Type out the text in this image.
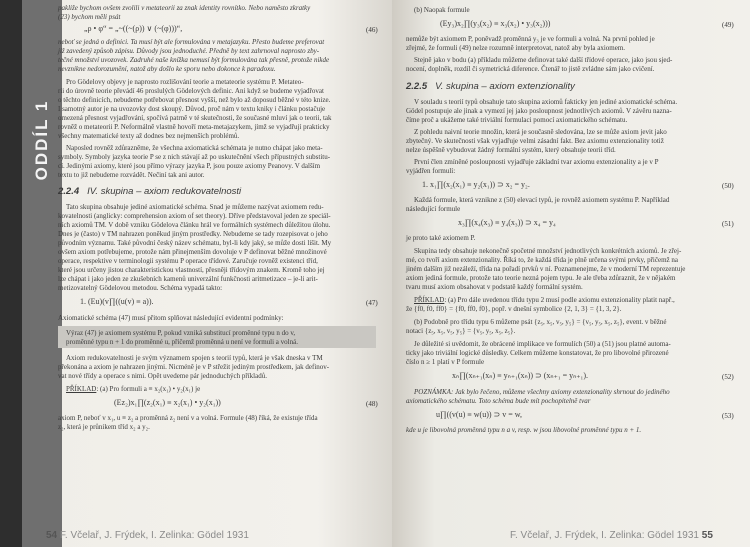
ODDÍL 1
pakliže bychom ovšem zvolili v metateorii za znak identity rovnítko. Nebo naměsto zkratky
(23) bychom měli psát
„ρ • φ“ = „~((~(ρ)) ∨ (~(φ)))“,	(46)
neboť se jedná o definici. Ta musí být ale formulována v metajazyku. Přesto budeme preferovat
již zavedený způsob zápisu. Důvody jsou jednoduché. Předně by text zahrnoval naprosto zby-
tečné množství uvozovek. Zadruhé naše knížka nemusí být formulována tak přesně, protože nikde
nevznikne nedorozumění, natož aby došlo ke sporu nebo dokonce k paradoxu.
Pro Gödelovy objevy je naprosto rozlišování teorie a metateorie systému P. Metateo-
rii do úrovně teorie převádí 46 proslulých Gödelových definic. Ani když se budeme vyjadřovat
o těchto definicích, nebudeme potřebovat přesnost vyšší, než bylo až doposud běžné v této knize.
I samotný autor je na uvozovky dost skoupý. Důvod, proč nám v textu kniky i článku postačuje
omezená přesnost vyjadřování, spočívá patrně v té skutečnosti, že současné mluví jak o teorii, tak
rovněž o metateorii P. Neformálně vlastně hovoří meta-metajazykem, jímž se vyjadřují prakticky
všechny matematické texty až dodnes bez nejmenších problémů.
Naposled rovněž zdůrazněme, že všechna axiomatická schémata je nutno chápat jako meta-
symboly. Symboly jazyka teorie P se z nich stávají až po uskutečnění všech přípustných substitu-
cí. Jedinými axiomy, které jsou přímo výrazy jazyka P, jsou pouze axiomy Peanovy. V dalším
textu to již nebudeme rozvádět. Nečiní tak ani autor.
2.2.4 IV. skupina – axiom redukovatelnosti
Tato skupina obsahuje jediné axiomatické schéma. Snad je můžeme nazývat axiomem redu-
kovatelnosti (anglicky: comprehension axiom of set theory). Dříve představoval jeden ze speciál-
ních axiomů TM. V době vzniku Gödelova článku hrál ve formálních systémech důležitou úlohu.
Dnes je (často) v TM nahrazen poněkud jiným prostředky. Nebudeme se tady rozepisovat o jeho
původním významu. Také původní český název schématu, byl-li kdy jaký, se může dosti lišit. My
ovšem axiom potřebujeme, protože nám přinejmenším dovoluje v P definovat běžné množinové
operace, respektive v terminologii systému P operace třídové. Zaručuje rovněž existenci tříd,
které jsou určeny jistou charakteristickou vlastností, přesněji třídovým znakem. Kromě toho jej
lze chápat i jako jeden ze zkušebních kamenů univerzální funkčnosti aritmetizace – je-li arit-
metizovatelný Gödelovou metodou. Schéma vypadá takto:
1. (Eu)(v∏((u(v) ≡ a)).	(47)
Axiomatické schéma (47) musí přitom splňovat následující evidentní podmínky:
Výraz (47) je axiomem systému P, pokud vzniká substitucí proměnné typu n do v,
proměnné typu n + 1 do proměnné u, přičemž proměnná u není ve formuli a volná.
Axiom redukovatelnosti je svým významem spojen s teorií typů, která je však dneska v TM
překonána a axiom je nahrazen jinými. Nicméně je v P střežit jediným prostředkem, jak definov-
vat nové třídy a operace s nimi. Opět uvedeme pár jednoduchých příkladů.
PŘÍKLAD: (a) Pro formuli a ≡ x₂(x₁) • y₂(x₁) je
(Ez₂)x₁∏(z₂(x₁) ≡ x₂(x₁) • y₂(x₁))	(48)
axiom P, neboť v x₁, u ≡ z₂ a proměnná z₂ není v a volná. Formule (48) říká, že existuje třída
z₂, která je průnikem tříd x₂ a y₂.
54 F. Včelař, J. Frýdek, I. Zelinka: Gödel 1931
(b) Naopak formule
(Ey₃)x₂∏(y₃(x₂) ≡ x₃(x₂) • y₃(x₂)))	(49)
nemůže být axiomem P, poněvadž proměnná y₃ je ve formuli a volná. Na první pohled je
zřejmé, že formuli (49) nelze rozumně interpretovat, natož aby byla axiomem.
Stejně jako v bodu (a) příkladu můžeme definovat také další třídové operace, jako jsou sjed-
nocení, doplněk, rozdíl či symetrická diference. Čtenář to jistě zvládne sám jako cvičení.
2.2.5 V. skupina – axiom extenzionality
V souladu s teorií typů obsahuje tato skupina axiomů fakticky jen jediné axiomatické schéma.
Gödel postupuje ale jinak a vymezí jej jako posloupnost jednotlivých axiomů. V závěru nazna-
číme proč a ukážeme také triviální formulaci pomocí axiomatického schématu.
Z pohledu naivní teorie množin, která je současně sledována, lze se může axiom jevit jako
zbytečný. Ve skutečnosti však vyjadřuje velmi zásadní fakt. Bez axiomu extenzionality totiž
nelze úspěšně vybudovat žádný formální systém, který obsahuje teorii tříd.
První člen zmíněné posloupnosti vyjadřuje základní tvar axiomu extenzionality a je v P
vyjádřen formulí:
1. x₁∏(x₂(x₁) ≡ y₂(x₁)) ⊃ x₂ = y₂.	(50)
Každá formule, která vznikne z (50) elevací typů, je rovněž axiomem systému P. Například
následující formule
x₃∏(x₄(x₃) ≡ y₄(x₃)) ⊃ x₄ = y₄	(51)
je proto také axiomem P.
Skupina tedy obsahuje nekonečně spočetné množství jednotlivých konkrétních axiomů. Je zřej-
mé, co tvoří axiom extenzionality. Říká to, že každá třída je plně určena svými prvky, přičemž na
jiném dalším již nezáleží, třída na pořadí prvků v ní. Poznamenejme, že v moderní TM reprezentuje
axiom jediná formule, protože tato teorie nezná pojem typu. Je ale třeba zdůraznit, že v nějakém
tvaru musí axiom obsahovat v podstatě každý formální systém.
PŘÍKLAD: (a) Pro dále uvedenou třídu typu 2 musí podle axiomu extenzionality platit např.,
že {f0, f0, ff0} = {f0, ff0, f0}, popř. v dnešní symbolice {2, 1, 3} = {1, 3, 2}.
(b) Podobně pro třídu typu 6 můžeme psát {z₅, x₅, v₅, y₅} = {v₅, y₅, x₅, z₅}, event. v běžné
notaci {z₅, x₅, v₅, y₅} = {v₅, y₅, x₅, z₅}.
Je důležité si uvědomit, že obrácené implikace ve formulích (50) a (51) jsou platné automa-
ticky jako triviální logické důsledky. Celkem můžeme konstatovat, že pro libovolné přirozené
číslo n ≥ 1 platí v P formule
xₙ∏(xₙ₊₁(xₙ) ≡ yₙ₊₁(xₙ)) ⊃ (xₙ₊₁ = yₙ₊₁).	(52)
POZNÁMKA: Jak bylo řečeno, můžeme všechny axiomy extenzionality shrnout do jediného
axiomatického schématu. Toto schéma bude mít pochopitelně tvar
u∏((v(u) ≡ w(u)) ⊃ v = w,	(53)
kde u je libovolná proměnná typu n a v, resp. w jsou libovolné proměnné typu n + 1.
F. Včelař, J. Frýdek, I. Zelinka: Gödel 1931 55
